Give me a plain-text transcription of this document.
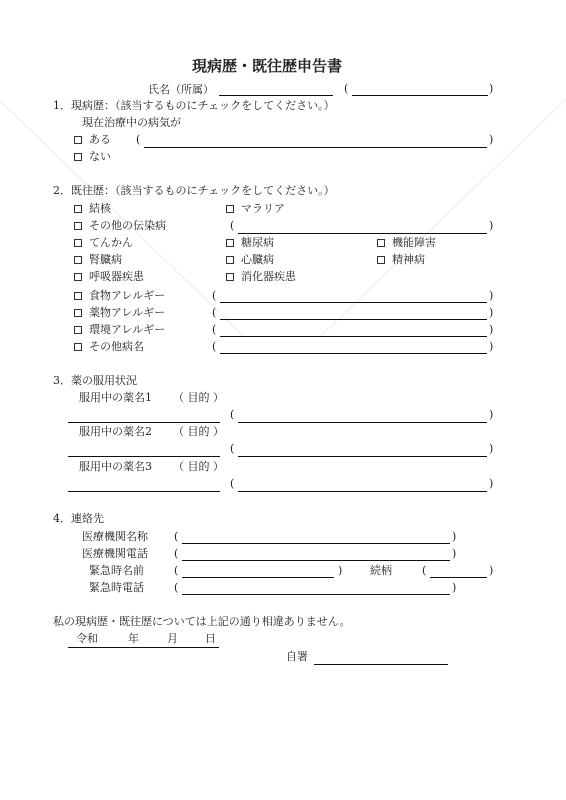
現病歴・既往歴申告書
氏名（所属）	(	)
1．現病歴：（該当するものにチェックをしてください。）
現在治療中の病気が
ある (	)
ない
2．既往歴：（該当するものにチェックをしてください。）
結核	マラリア
その他の伝染病	(	)
てんかん	糖尿病	機能障害
腎臓病	心臓病	精神病
呼吸器疾患	消化器疾患
食物アレルギー	(	)
薬物アレルギー	(	)
環境アレルギー	(	)
その他病名	(	)
3．薬の服用状況
服用中の薬名1 （ 目的 ）
(	)
服用中の薬名2 （ 目的 ）
(	)
服用中の薬名3 （ 目的 ）
(	)
4．連絡先
医療機関名称 (	)
医療機関電話 (	)
緊急時名前	(	)	続柄	(	)
緊急時電話	(	)
私の現病歴・既往歴については上記の通り相違ありません。
令和	年	月 日
自署
